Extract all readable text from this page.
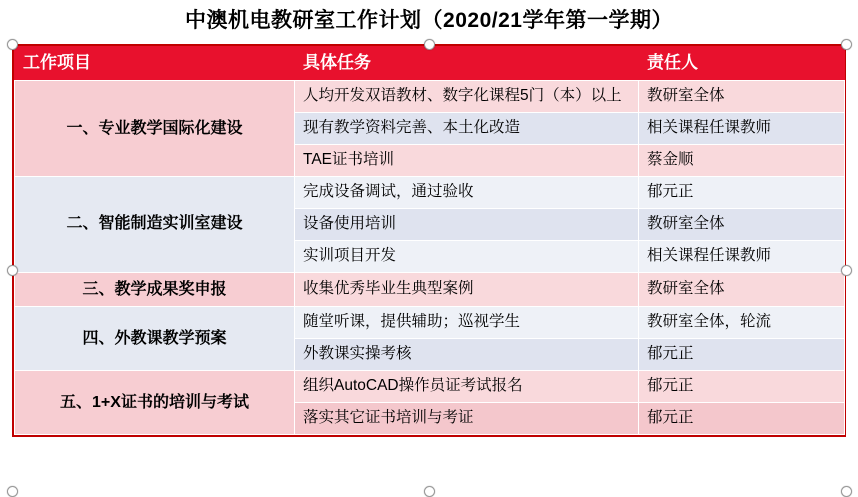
中澳机电教研室工作计划（2020/21学年第一学期）
工作项目	具体任务	责任人
一、专业教学国际化建设	人均开发双语教材、数字化课程5门（本）以上	教研室全体
	现有教学资料完善、本土化改造	相关课程任课教师
	TAE证书培训	蔡金顺
二、智能制造实训室建设	完成设备调试，通过验收	郁元正
	设备使用培训	教研室全体
	实训项目开发	相关课程任课教师
三、教学成果奖申报	收集优秀毕业生典型案例	教研室全体
四、外教课教学预案	随堂听课，提供辅助；巡视学生	教研室全体，轮流
	外教课实操考核	郁元正
五、1+X证书的培训与考试	组织AutoCAD操作员证考试报名	郁元正
	落实其它证书培训与考证	郁元正
